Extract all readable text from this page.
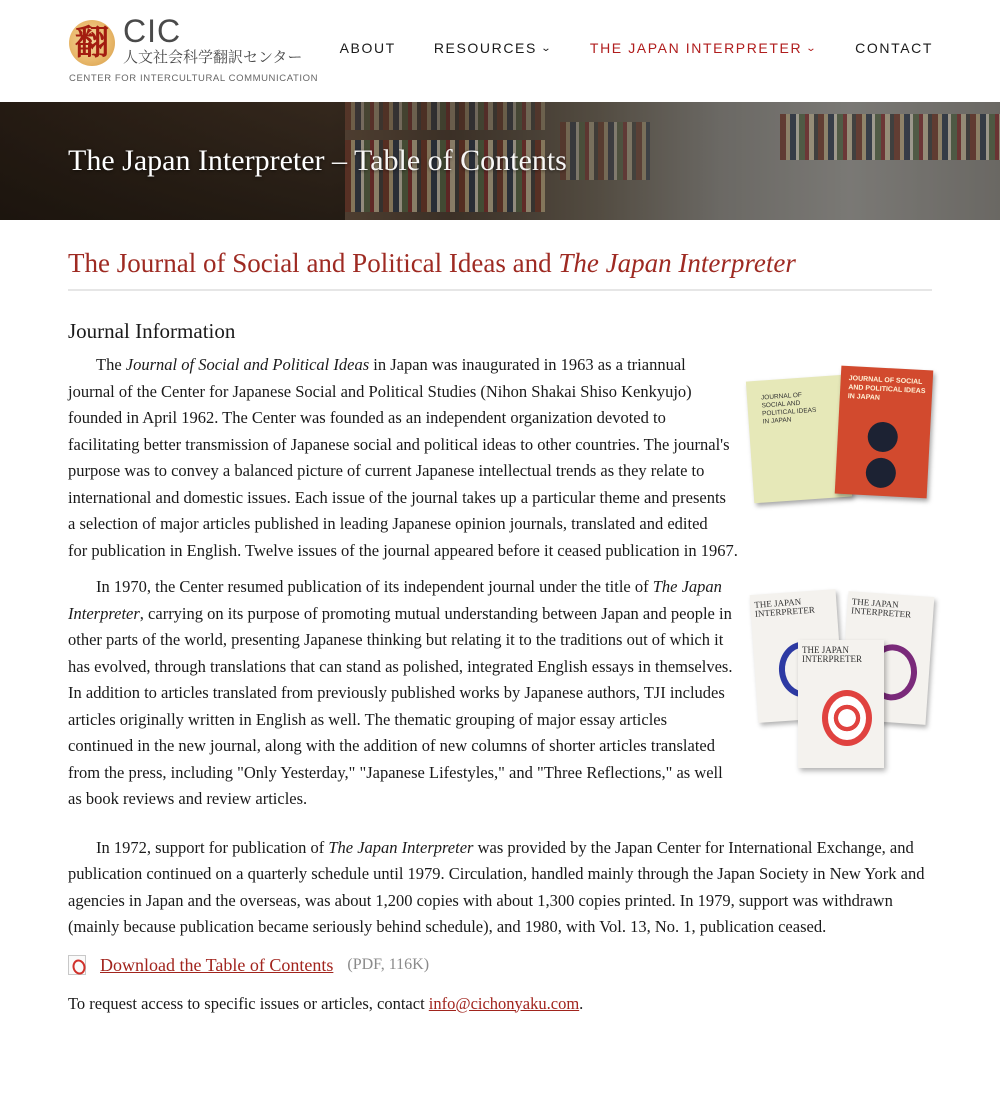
翻 CIC
人文社会科学翻訳センター
CENTER FOR INTERCULTURAL COMMUNICATION
ABOUT	RESOURCES ⌄	THE JAPAN INTERPRETER ⌄	CONTACT
The Japan Interpreter – Table of Contents
The Journal of Social and Political Ideas and The Japan Interpreter
Journal Information
JOURNAL OF SOCIAL AND POLITICAL IDEAS IN JAPAN
JOURNAL OF SOCIAL AND POLITICAL IDEAS IN JAPAN

The Journal of Social and Political Ideas in Japan was inaugurated in 1963 as a triannual journal of the Center for Japanese Social and Political Studies (Nihon Shakai Shiso Kenkyujo) founded in April 1962. The Center was founded as an independent organization devoted to facilitating better transmission of Japanese social and political ideas to other countries. The journal's purpose was to convey a balanced picture of current Japanese intellectual trends as they relate to international and domestic issues. Each issue of the journal takes up a particular theme and presents a selection of major articles published in leading Japanese opinion journals, translated and edited for publication in English. Twelve issues of the journal appeared before it ceased publication in 1967.

THE JAPAN INTERPRETER
THE JAPAN INTERPRETER
THE JAPAN INTERPRETER

In 1970, the Center resumed publication of its independent journal under the title of The Japan Interpreter, carrying on its purpose of promoting mutual understanding between Japan and people in other parts of the world, presenting Japanese thinking but relating it to the traditions out of which it has evolved, through translations that can stand as polished, integrated English essays in themselves. In addition to articles translated from previously published works by Japanese authors, TJI includes articles originally written in English as well. The thematic grouping of major essay articles continued in the new journal, along with the addition of new columns of shorter articles translated from the press, including "Only Yesterday," "Japanese Lifestyles," and "Three Reflections," as well as book reviews and review articles.

In 1972, support for publication of The Japan Interpreter was provided by the Japan Center for International Exchange, and publication continued on a quarterly schedule until 1979. Circulation, handled mainly through the Japan Society in New York and agencies in Japan and the overseas, was about 1,200 copies with about 1,300 copies printed. In 1979, support was withdrawn (mainly because publication became seriously behind schedule), and 1980, with Vol. 13, No. 1, publication ceased.

Download the Table of Contents (PDF, 116K)
To request access to specific issues or articles, contact info@cichonyaku.com.
